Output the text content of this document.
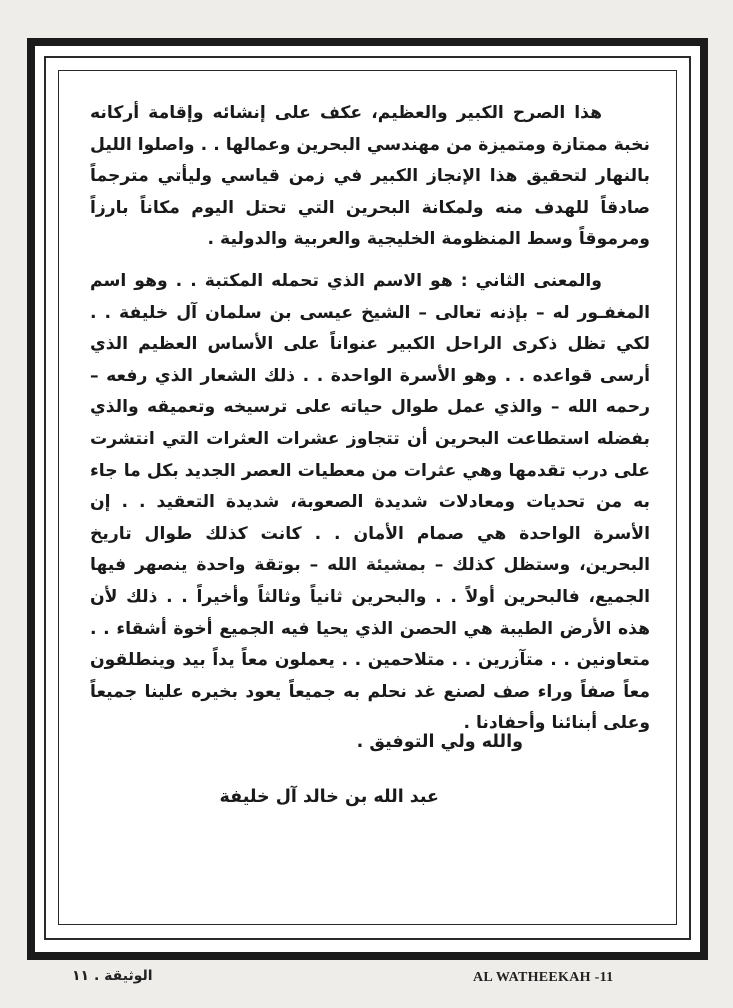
هذا الصرح الكبير والعظيم، عكف على إنشائه وإقامة أركانه نخبة ممتازة ومتميزة من مهندسي البحرين وعمالها . . واصلوا الليل بالنهار لتحقيق هذا الإنجاز الكبير في زمن قياسي وليأتي مترجماً صادقاً للهدف منه ولمكانة البحرين التي تحتل اليوم مكاناً بارزاً ومرموقاً وسط المنظومة الخليجية والعربية والدولية .

والمعنى الثاني : هو الاسم الذي تحمله المكتبة . . وهو اسم المغفـور له – بإذنه تعالى – الشيخ عيسى بن سلمان آل خليفة . . لكي تظل ذكرى الراحل الكبير عنواناً على الأساس العظيم الذي أرسى قواعده . . وهو الأسرة الواحدة . . ذلك الشعار الذي رفعه – رحمه الله – والذي عمل طوال حياته على ترسيخه وتعميقه والذي بفضله استطاعت البحرين أن تتجاوز عشرات العثرات التي انتشرت على درب تقدمها وهي عثرات من معطيات العصر الجديد بكل ما جاء به من تحديات ومعادلات شديدة الصعوبة، شديدة التعقيد . . إن الأسرة الواحدة هي صمام الأمان . . كانت كذلك طوال تاريخ البحرين، وستظل كذلك – بمشيئة الله – بوتقة واحدة ينصهر فيها الجميع، فالبحرين أولاً . . والبحرين ثانياً وثالثاً وأخيراً . . ذلك لأن هذه الأرض الطيبة هي الحصن الذي يحيا فيه الجميع أخوة أشقاء . . متعاونين . . متآزرين . . متلاحمين . . يعملون معاً يداً بيد وينطلقون معاً صفاً وراء صف لصنع غد نحلم به جميعاً يعود بخيره علينا جميعاً وعلى أبنائنا وأحفادنا .

والله ولي التوفيق .
عبد الله بن خالد آل خليفة
AL WATHEEKAH -11
الوثيقة . ١١
